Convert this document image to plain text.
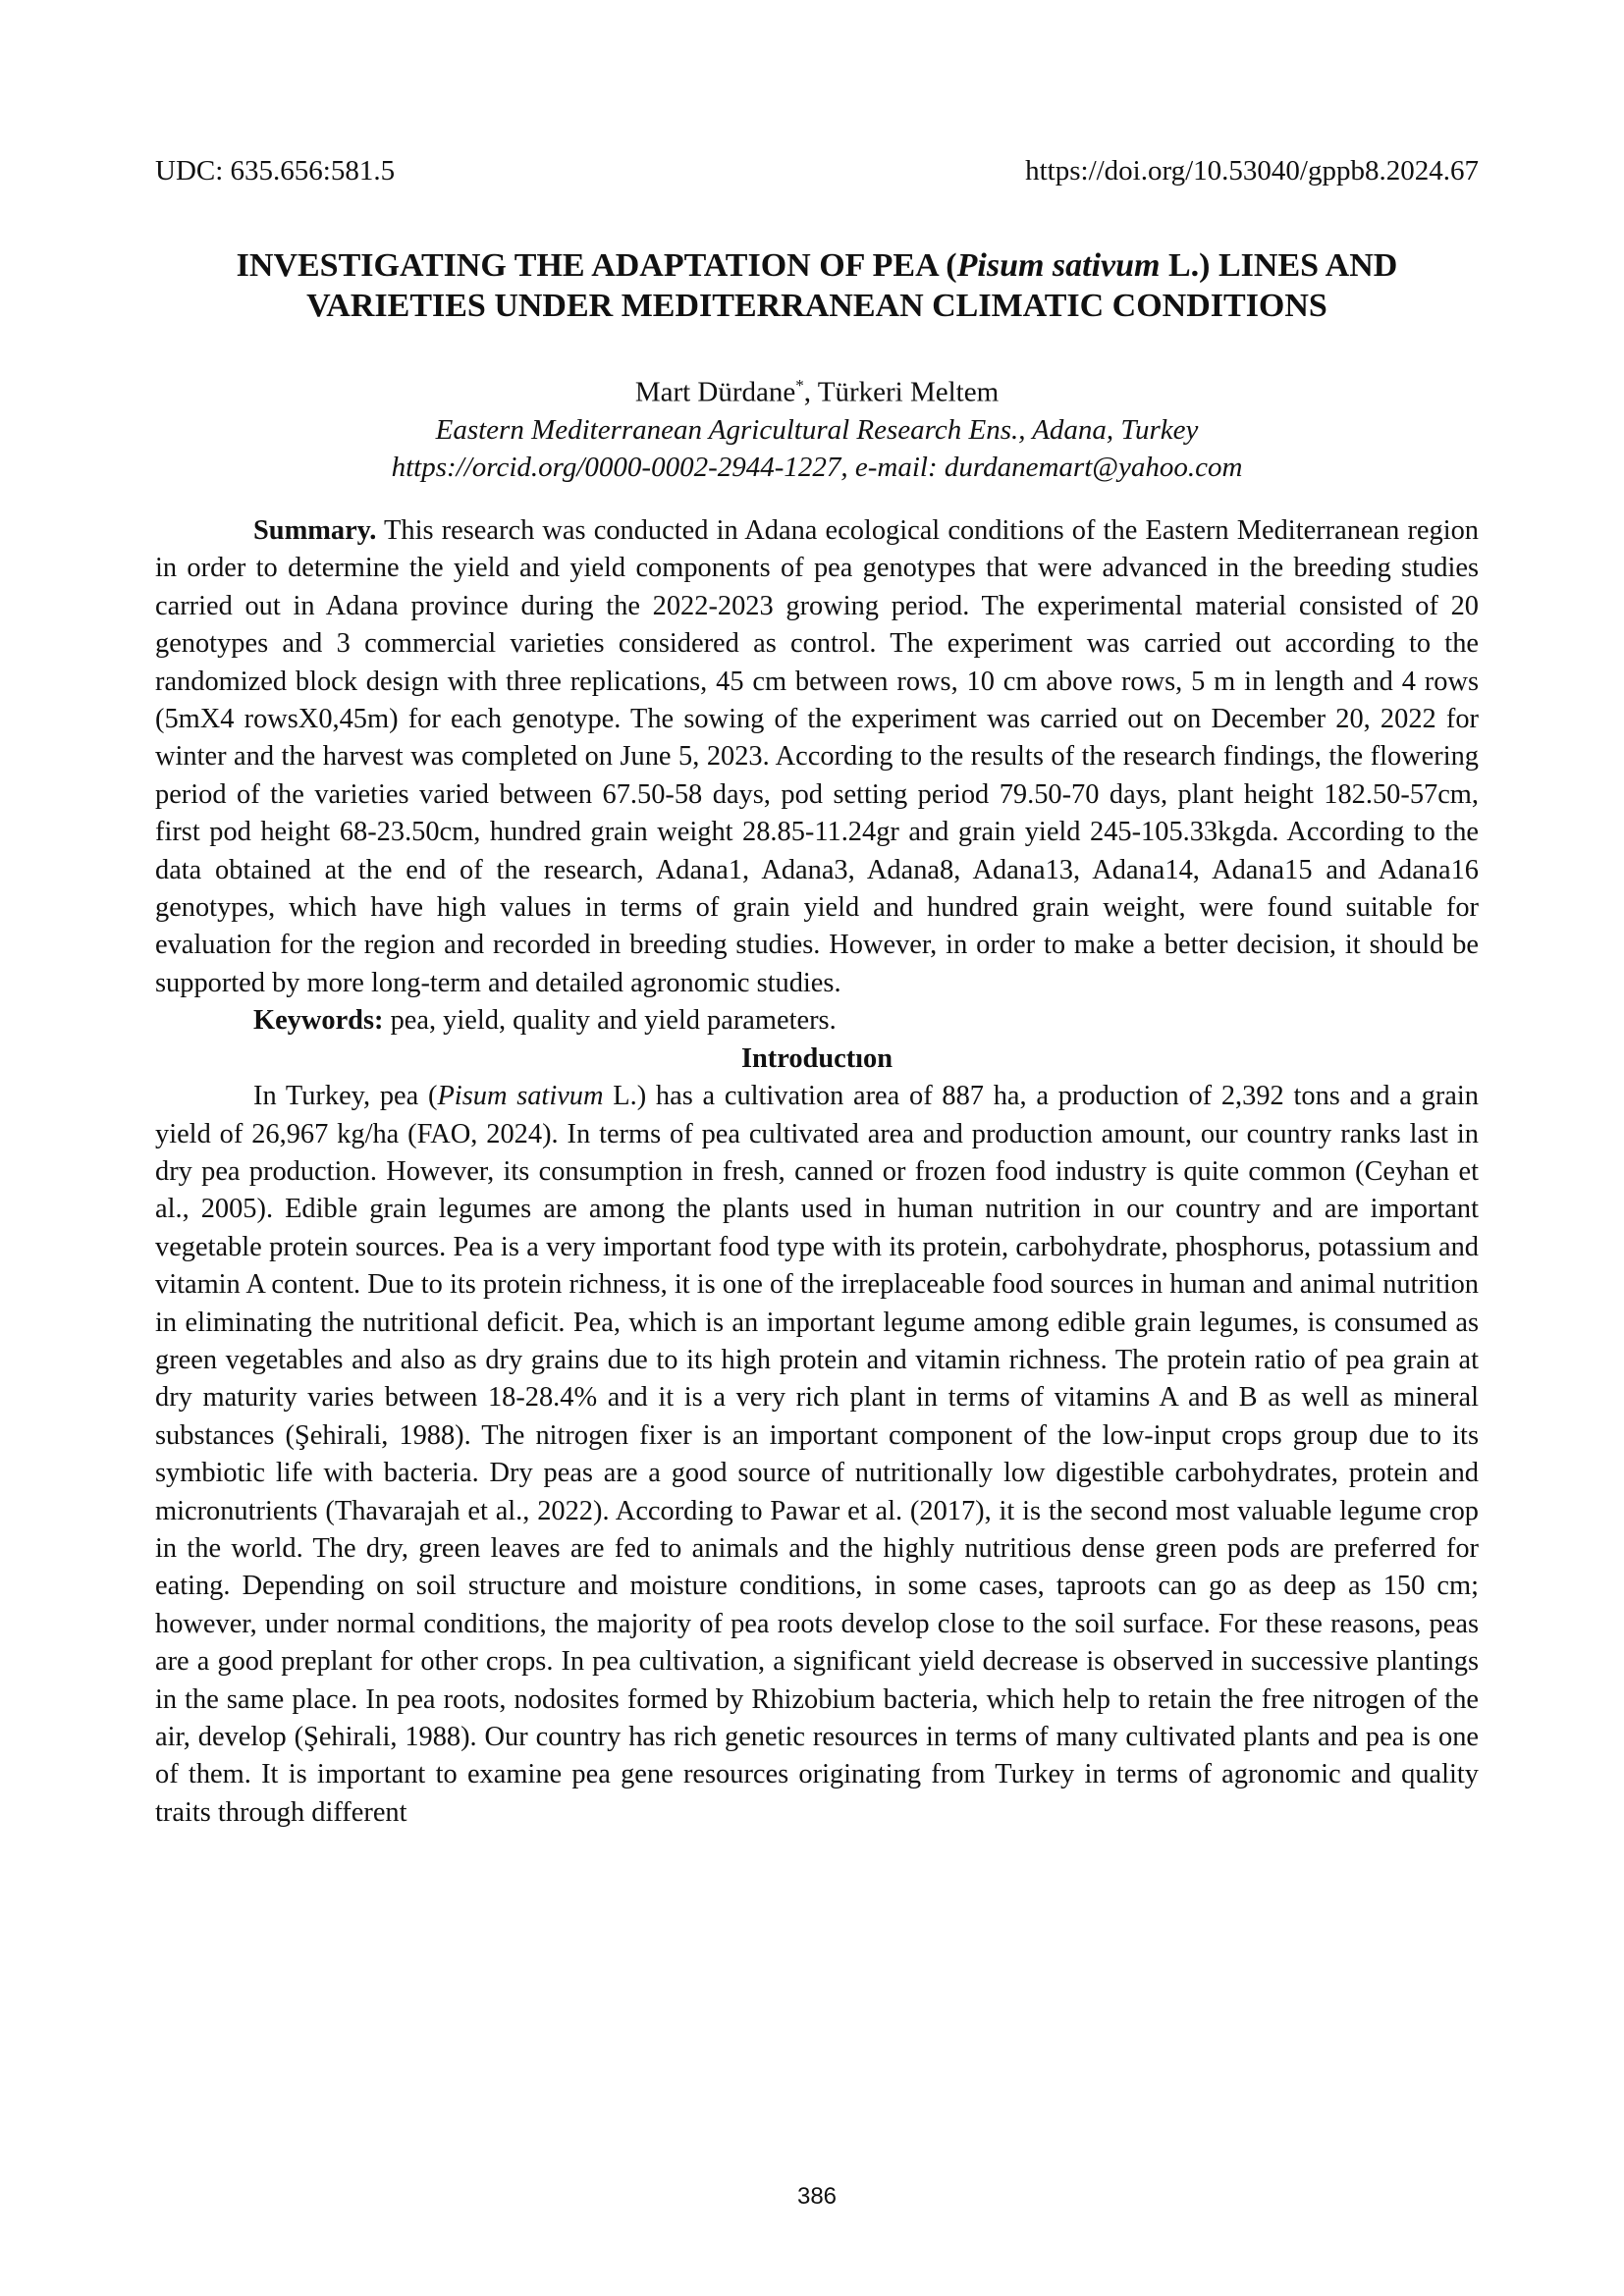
UDC: 635.656:581.5	https://doi.org/10.53040/gppb8.2024.67
INVESTIGATING THE ADAPTATION OF PEA (Pisum sativum L.) LINES AND VARIETIES UNDER MEDITERRANEAN CLIMATIC CONDITIONS
Mart Dürdane*, Türkeri Meltem
Eastern Mediterranean Agricultural Research Ens., Adana, Turkey
https://orcid.org/0000-0002-2944-1227, e-mail: durdanemart@yahoo.com

Summary. This research was conducted in Adana ecological conditions of the Eastern Mediterranean region in order to determine the yield and yield components of pea genotypes that were advanced in the breeding studies carried out in Adana province during the 2022-2023 growing period. The experimental material consisted of 20 genotypes and 3 commercial varieties considered as control. The experiment was carried out according to the randomized block design with three replications, 45 cm between rows, 10 cm above rows, 5 m in length and 4 rows (5mX4 rowsX0,45m) for each genotype. The sowing of the experiment was carried out on December 20, 2022 for winter and the harvest was completed on June 5, 2023. According to the results of the research findings, the flowering period of the varieties varied between 67.50-58 days, pod setting period 79.50-70 days, plant height 182.50-57cm, first pod height 68-23.50cm, hundred grain weight 28.85-11.24gr and grain yield 245-105.33kgda. According to the data obtained at the end of the research, Adana1, Adana3, Adana8, Adana13, Adana14, Adana15 and Adana16 genotypes, which have high values in terms of grain yield and hundred grain weight, were found suitable for evaluation for the region and recorded in breeding studies. However, in order to make a better decision, it should be supported by more long-term and detailed agronomic studies.

Keywords: pea, yield, quality and yield parameters.

Introductıon

In Turkey, pea (Pisum sativum L.) has a cultivation area of 887 ha, a production of 2,392 tons and a grain yield of 26,967 kg/ha (FAO, 2024). In terms of pea cultivated area and production amount, our country ranks last in dry pea production. However, its consumption in fresh, canned or frozen food industry is quite common (Ceyhan et al., 2005). Edible grain legumes are among the plants used in human nutrition in our country and are important vegetable protein sources. Pea is a very important food type with its protein, carbohydrate, phosphorus, potassium and vitamin A content. Due to its protein richness, it is one of the irreplaceable food sources in human and animal nutrition in eliminating the nutritional deficit. Pea, which is an important legume among edible grain legumes, is consumed as green vegetables and also as dry grains due to its high protein and vitamin richness. The protein ratio of pea grain at dry maturity varies between 18-28.4% and it is a very rich plant in terms of vitamins A and B as well as mineral substances (Şehirali, 1988). The nitrogen fixer is an important component of the low-input crops group due to its symbiotic life with bacteria. Dry peas are a good source of nutritionally low digestible carbohydrates, protein and micronutrients (Thavarajah et al., 2022). According to Pawar et al. (2017), it is the second most valuable legume crop in the world. The dry, green leaves are fed to animals and the highly nutritious dense green pods are preferred for eating. Depending on soil structure and moisture conditions, in some cases, taproots can go as deep as 150 cm; however, under normal conditions, the majority of pea roots develop close to the soil surface. For these reasons, peas are a good preplant for other crops. In pea cultivation, a significant yield decrease is observed in successive plantings in the same place. In pea roots, nodosites formed by Rhizobium bacteria, which help to retain the free nitrogen of the air, develop (Şehirali, 1988). Our country has rich genetic resources in terms of many cultivated plants and pea is one of them. It is important to examine pea gene resources originating from Turkey in terms of agronomic and quality traits through different

386
